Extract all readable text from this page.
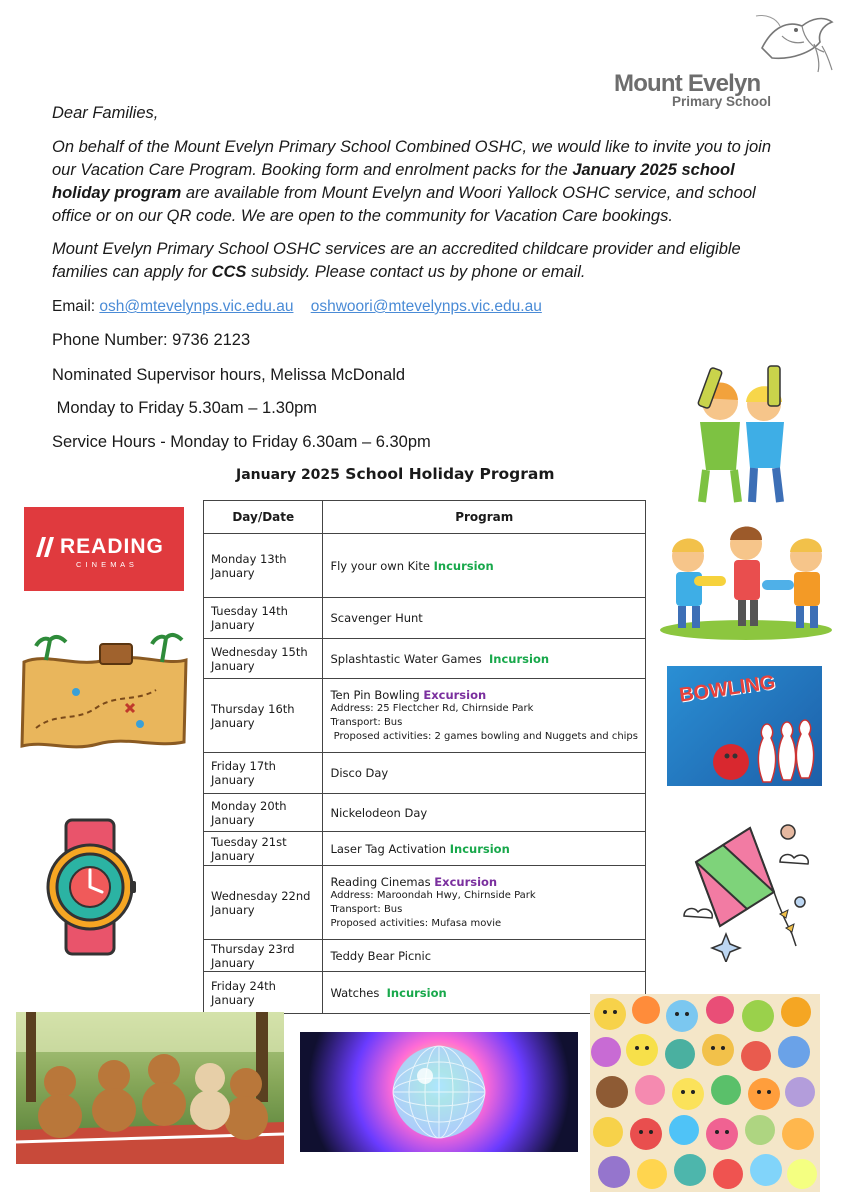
Mount Evelyn
Primary School
Dear Families,
On behalf of the Mount Evelyn Primary School Combined OSHC, we would like to invite you to join
our Vacation Care Program. Booking form and enrolment packs for the January 2025 school
holiday program are available from Mount Evelyn and Woori Yallock OSHC service, and school
office or on our QR code. We are open to the community for Vacation Care bookings.
Mount Evelyn Primary School OSHC services are an accredited childcare provider and eligible
families can apply for CCS subsidy. Please contact us by phone or email.
Email: osh@mtevelynps.vic.edu.au oshwoori@mtevelynps.vic.edu.au
Phone Number: 9736 2123
Nominated Supervisor hours, Melissa McDonald
Monday to Friday 5.30am – 1.30pm
Service Hours - Monday to Friday 6.30am – 6.30pm
January 2025 School Holiday Program
Day/Date	Program
Monday 13th January	Fly your own Kite Incursion

Tuesday 14th January	Scavenger Hunt

Wednesday 15th January	Splashtastic Water Games  Incursion

Thursday 16th January	Ten Pin Bowling Excursion
Address: 25 Flectcher Rd, Chirnside Park
Transport: Bus
Proposed activities: 2 games bowling and Nuggets and chips

Friday 17th January	Disco Day

Monday 20th January	Nickelodeon Day

Tuesday 21st January	Laser Tag Activation Incursion

Wednesday 22nd January	Reading Cinemas Excursion
Address: Maroondah Hwy, Chirnside Park
Transport: Bus
Proposed activities: Mufasa movie

Thursday 23rd January	Teddy Bear Picnic

Friday 24th January	Watches  Incursion
READING
C I N E M A S
BOWLING
